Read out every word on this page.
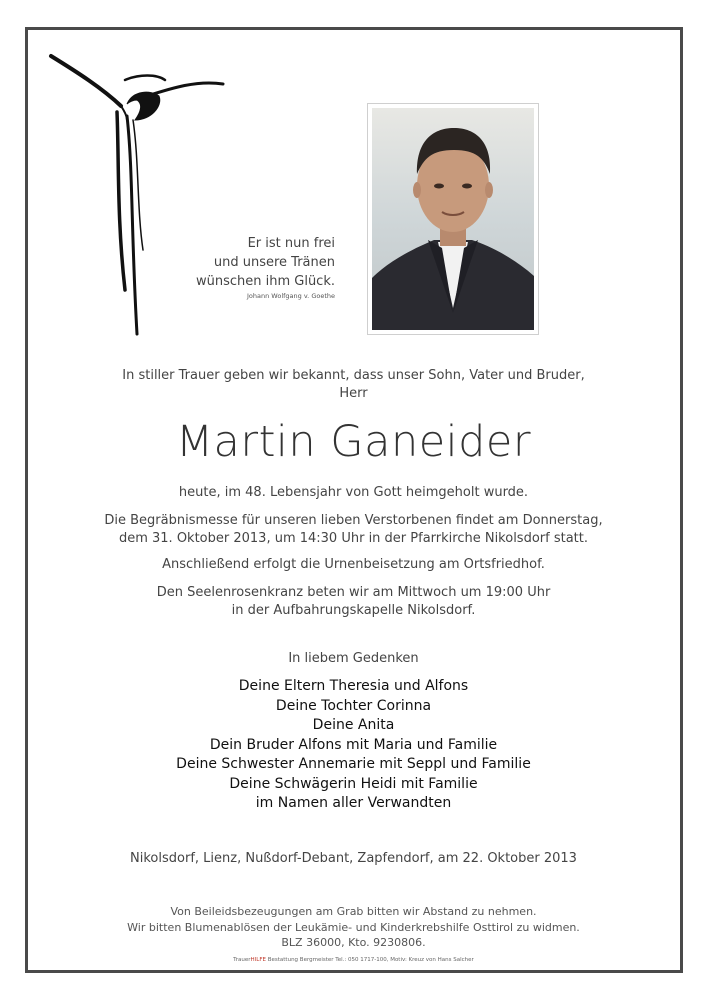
Er ist nun frei
und unsere Tränen
wünschen ihm Glück.
Johann Wolfgang v. Goethe
In stiller Trauer geben wir bekannt, dass unser Sohn, Vater und Bruder,
Herr
Martin Ganeider
heute, im 48. Lebensjahr von Gott heimgeholt wurde.
Die Begräbnismesse für unseren lieben Verstorbenen findet am Donnerstag,
dem 31. Oktober 2013, um 14:30 Uhr in der Pfarrkirche Nikolsdorf statt.
Anschließend erfolgt die Urnenbeisetzung am Ortsfriedhof.
Den Seelenrosenkranz beten wir am Mittwoch um 19:00 Uhr
in der Aufbahrungskapelle Nikolsdorf.
In liebem Gedenken
Deine Eltern Theresia und Alfons
Deine Tochter Corinna
Deine Anita
Dein Bruder Alfons mit Maria und Familie
Deine Schwester Annemarie mit Seppl und Familie
Deine Schwägerin Heidi mit Familie
im Namen aller Verwandten
Nikolsdorf, Lienz, Nußdorf-Debant, Zapfendorf, am 22. Oktober 2013
Von Beileidsbezeugungen am Grab bitten wir Abstand zu nehmen.
Wir bitten Blumenablösen der Leukämie- und Kinderkrebshilfe Osttirol zu widmen.
BLZ 36000, Kto. 9230806.
TrauerHILFE Bestattung Bergmeister Tel.: 050 1717-100, Motiv: Kreuz von Hans Salcher
